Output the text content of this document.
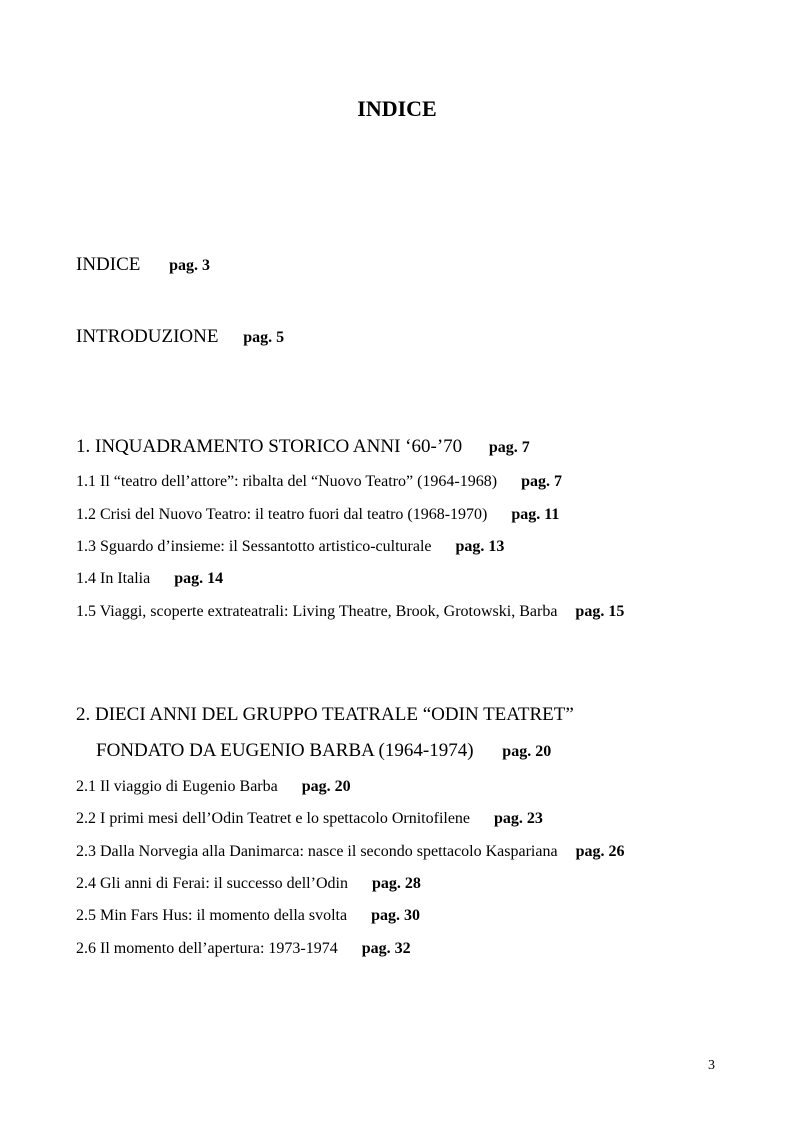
INDICE
INDICE pag. 3
INTRODUZIONE pag. 5
1. INQUADRAMENTO STORICO ANNI ‘60-’70 pag. 7
1.1 Il “teatro dell’attore”: ribalta del “Nuovo Teatro” (1964-1968) pag. 7
1.2 Crisi del Nuovo Teatro: il teatro fuori dal teatro (1968-1970) pag. 11
1.3 Sguardo d’insieme: il Sessantotto artistico-culturale pag. 13
1.4 In Italia pag. 14
1.5 Viaggi, scoperte extrateatrali: Living Theatre, Brook, Grotowski, Barba pag. 15
2. DIECI ANNI DEL GRUPPO TEATRALE “ODIN TEATRET”
FONDATO DA EUGENIO BARBA (1964-1974) pag. 20
2.1 Il viaggio di Eugenio Barba pag. 20
2.2 I primi mesi dell’Odin Teatret e lo spettacolo Ornitofilene pag. 23
2.3 Dalla Norvegia alla Danimarca: nasce il secondo spettacolo Kaspariana pag. 26
2.4 Gli anni di Ferai: il successo dell’Odin pag. 28
2.5 Min Fars Hus: il momento della svolta pag. 30
2.6 Il momento dell’apertura: 1973-1974 pag. 32
3
